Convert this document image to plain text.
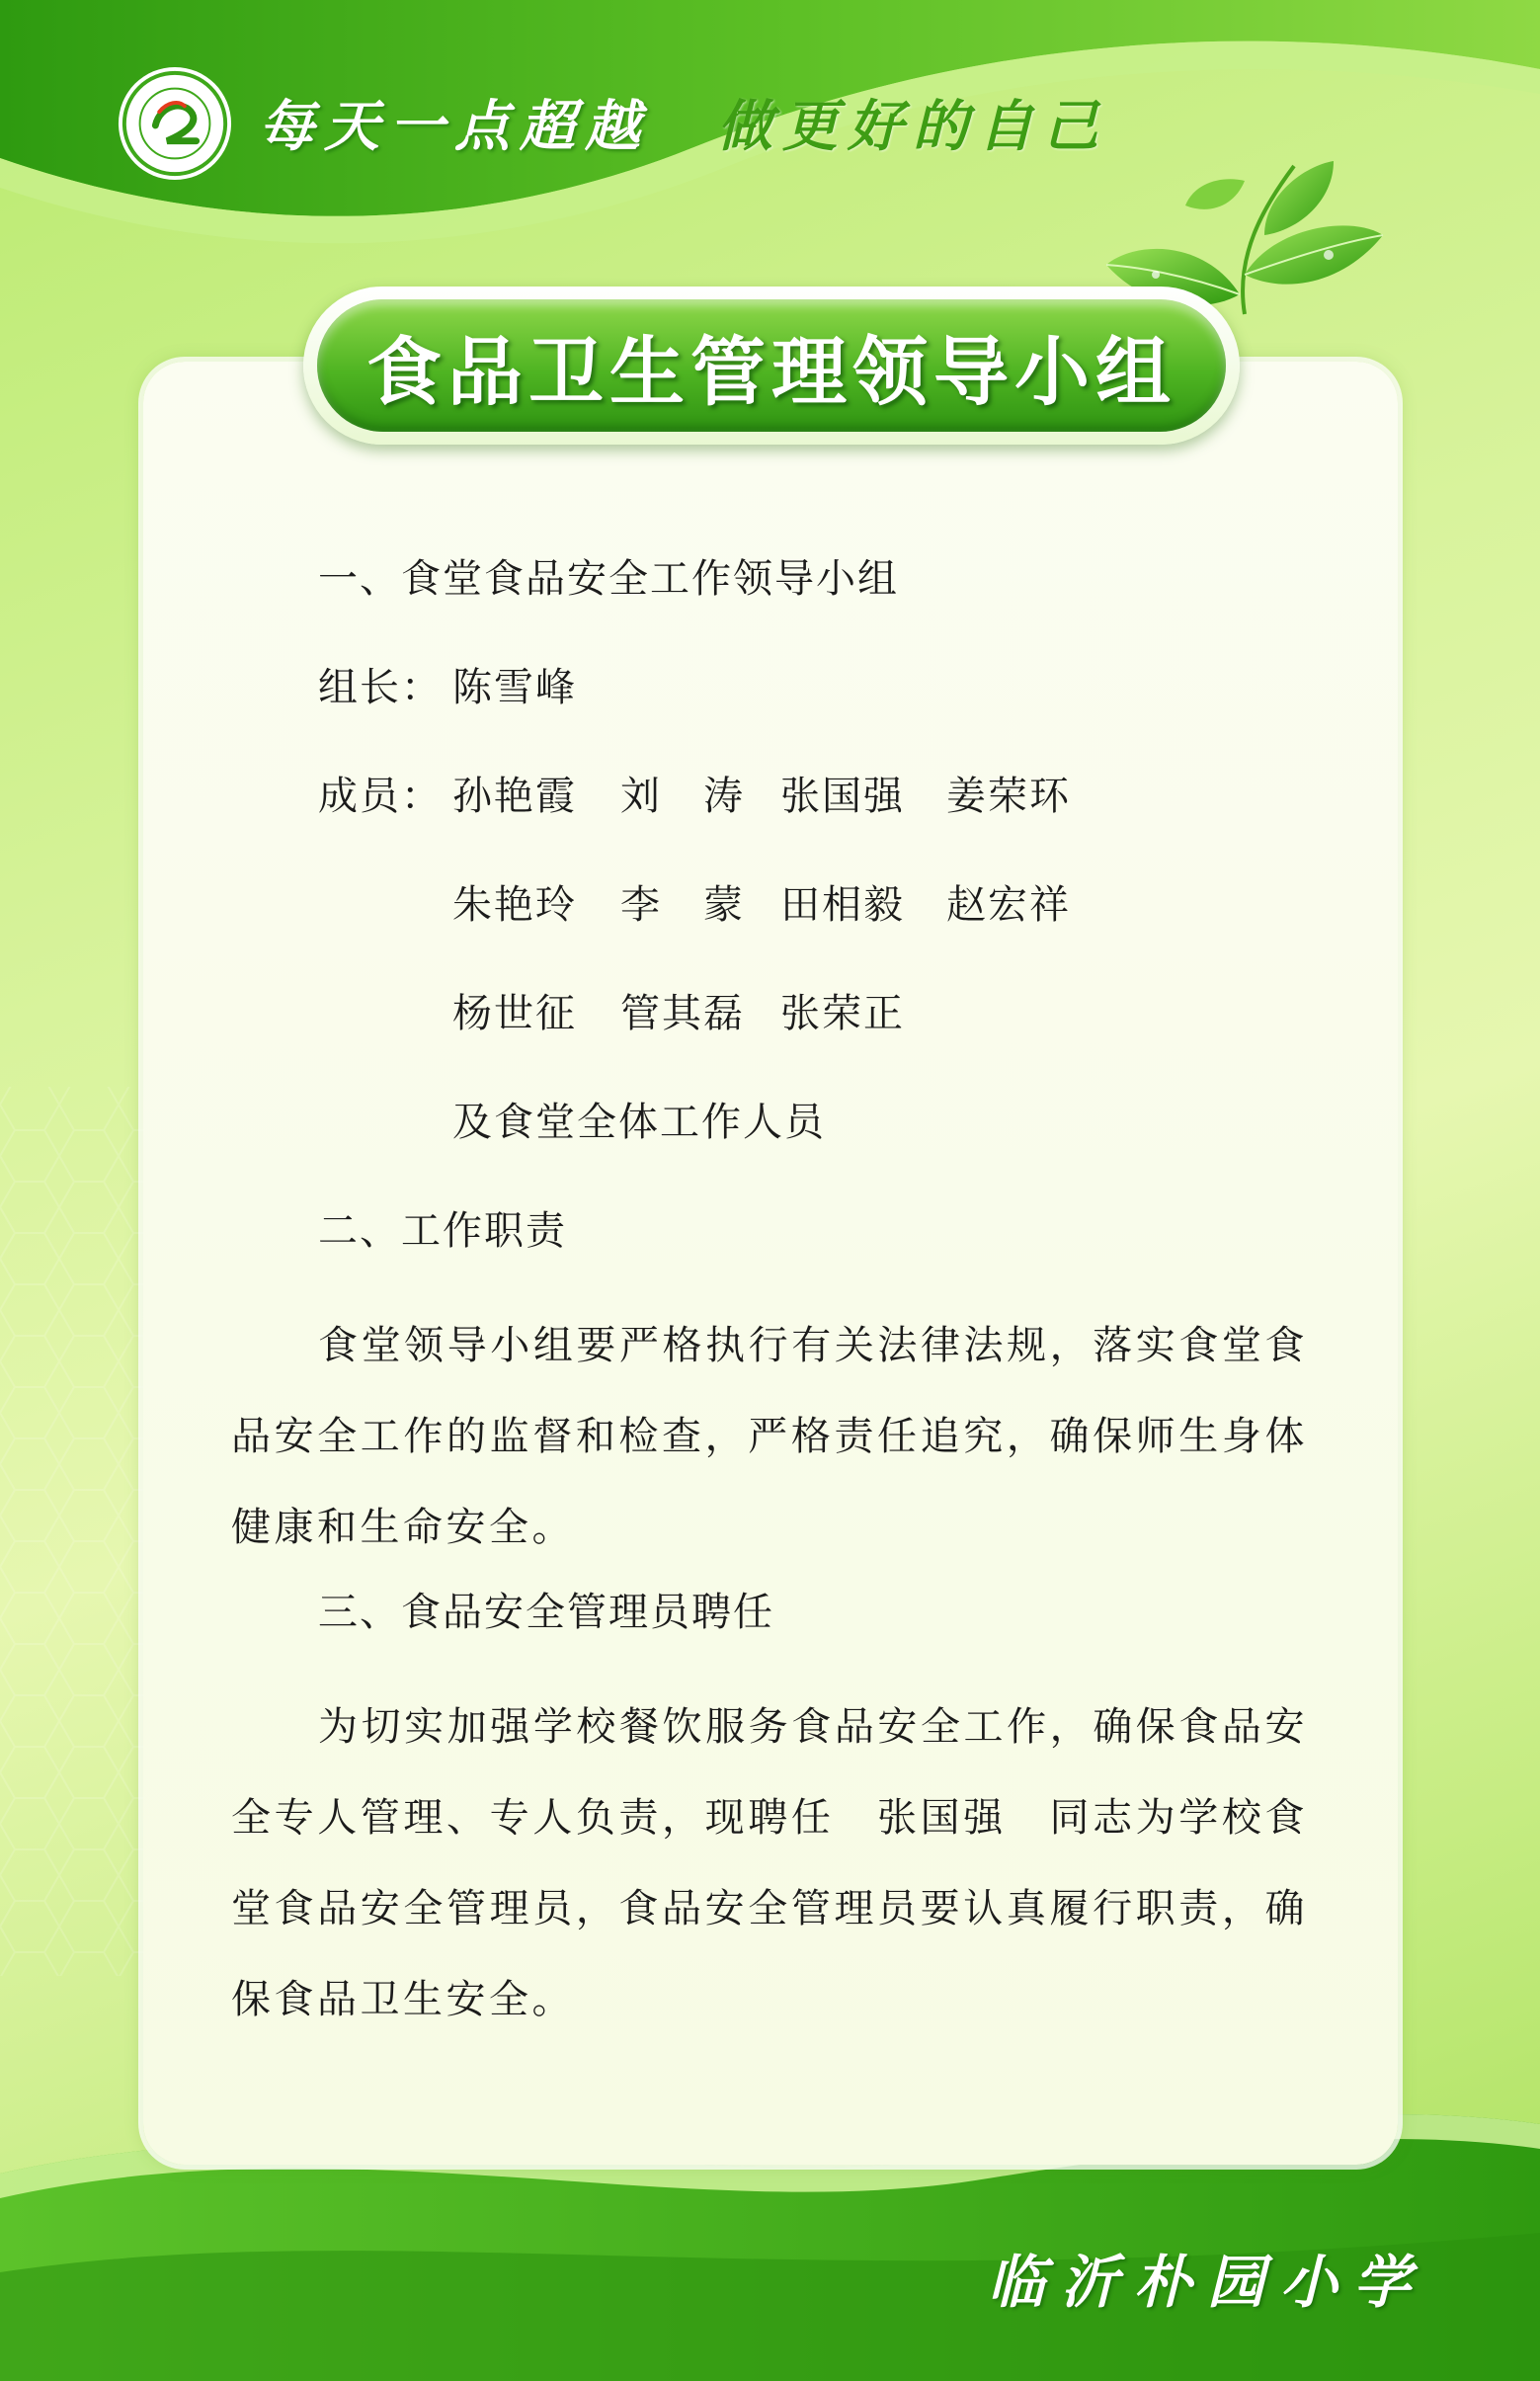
每天一点超越 做更好的自己
食品卫生管理领导小组
一、食堂食品安全工作领导小组
组长： 陈雪峰
成员： 孙艳霞 刘　涛 张国强 姜荣环
朱艳玲 李　蒙 田相毅 赵宏祥
杨世征 管其磊 张荣正
及食堂全体工作人员
二、工作职责
食堂领导小组要严格执行有关法律法规，落实食堂食品安全工作的监督和检查，严格责任追究，确保师生身体健康和生命安全。
三、食品安全管理员聘任
为切实加强学校餐饮服务食品安全工作，确保食品安全专人管理、专人负责，现聘任　张国强　同志为学校食堂食品安全管理员，食品安全管理员要认真履行职责，确保食品卫生安全。
临沂朴园小学
